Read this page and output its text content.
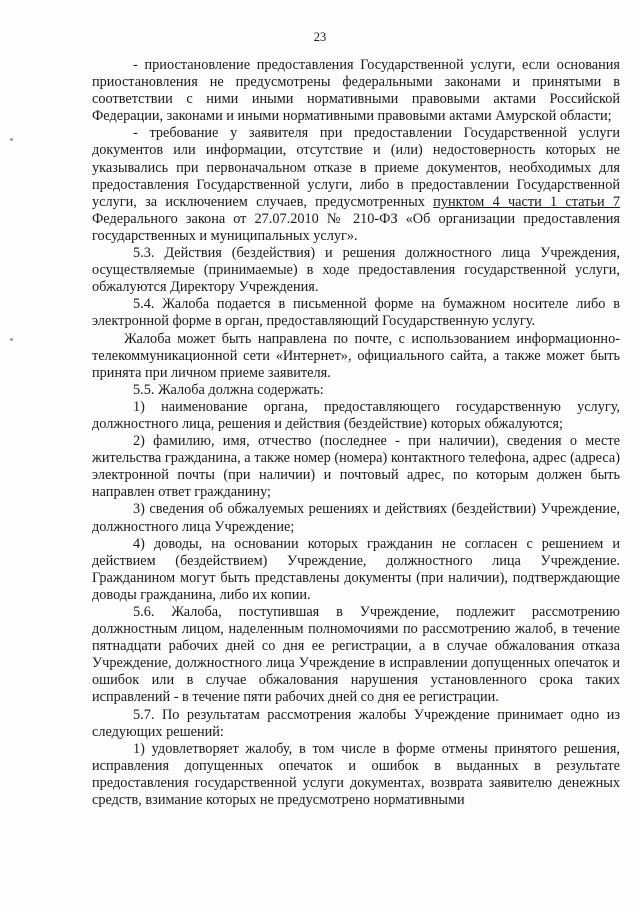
23

- приостановление предоставления Государственной услуги, если основания приостановления не предусмотрены федеральными законами и принятыми в соответствии с ними иными нормативными правовыми актами Российской Федерации, законами и иными нормативными правовыми актами Амурской области;

- требование у заявителя при предоставлении Государственной услуги документов или информации, отсутствие и (или) недостоверность которых не указывались при первоначальном отказе в приеме документов, необходимых для предоставления Государственной услуги, либо в предоставлении Государственной услуги, за исключением случаев, предусмотренных пунктом 4 части 1 статьи 7 Федерального закона от 27.07.2010 № 210-ФЗ «Об организации предоставления государственных и муниципальных услуг».

5.3. Действия (бездействия) и решения должностного лица Учреждения, осуществляемые (принимаемые) в ходе предоставления государственной услуги, обжалуются Директору Учреждения.

5.4. Жалоба подается в письменной форме на бумажном носителе либо в электронной форме в орган, предоставляющий Государственную услугу.

Жалоба может быть направлена по почте, с использованием информационно-телекоммуникационной сети «Интернет», официального сайта, а также может быть принята при личном приеме заявителя.

5.5. Жалоба должна содержать:

1) наименование органа, предоставляющего государственную услугу, должностного лица, решения и действия (бездействие) которых обжалуются;

2) фамилию, имя, отчество (последнее - при наличии), сведения о месте жительства гражданина, а также номер (номера) контактного телефона, адрес (адреса) электронной почты (при наличии) и почтовый адрес, по которым должен быть направлен ответ гражданину;

3) сведения об обжалуемых решениях и действиях (бездействии) Учреждение, должностного лица Учреждение;

4) доводы, на основании которых гражданин не согласен с решением и действием (бездействием) Учреждение, должностного лица Учреждение. Гражданином могут быть представлены документы (при наличии), подтверждающие доводы гражданина, либо их копии.

5.6. Жалоба, поступившая в Учреждение, подлежит рассмотрению должностным лицом, наделенным полномочиями по рассмотрению жалоб, в течение пятнадцати рабочих дней со дня ее регистрации, а в случае обжалования отказа Учреждение, должностного лица Учреждение в исправлении допущенных опечаток и ошибок или в случае обжалования нарушения установленного срока таких исправлений - в течение пяти рабочих дней со дня ее регистрации.

5.7. По результатам рассмотрения жалобы Учреждение принимает одно из следующих решений:

1) удовлетворяет жалобу, в том числе в форме отмены принятого решения, исправления допущенных опечаток и ошибок в выданных в результате предоставления государственной услуги документах, возврата заявителю денежных средств, взимание которых не предусмотрено нормативными
